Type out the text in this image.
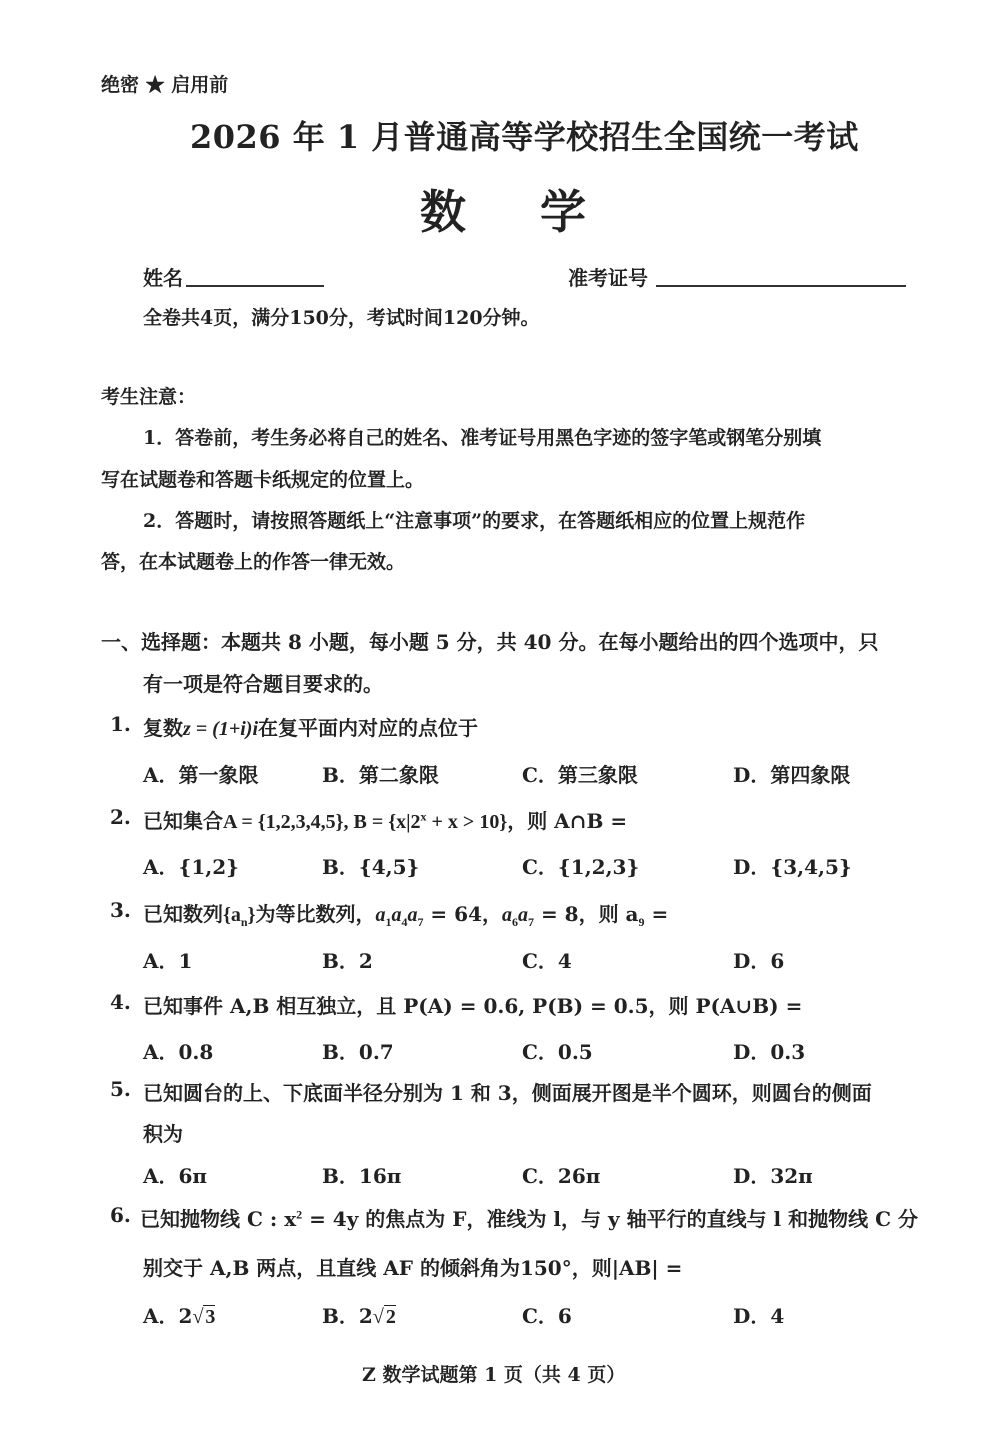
绝密 ★ 启用前
2026 年 1 月普通高等学校招生全国统一考试
数学
姓名	准考证号
全卷共4页，满分150分，考试时间120分钟。
考生注意：
1．答卷前，考生务必将自己的姓名、准考证号用黑色字迹的签字笔或钢笔分别填
写在试题卷和答题卡纸规定的位置上。
2．答题时，请按照答题纸上“注意事项”的要求，在答题纸相应的位置上规范作
答，在本试题卷上的作答一律无效。
一、选择题：本题共 8 小题，每小题 5 分，共 40 分。在每小题给出的四个选项中，只
有一项是符合题目要求的。
1. 复数z = (1+i)i在复平面内对应的点位于
A．第一象限	B．第二象限	C．第三象限	D．第四象限
2. 已知集合A = {1,2,3,4,5}, $B = \{x|2^x + x > 10\}$，则 A∩B =
A．{1,2}	B．{4,5}	C．{1,2,3}	D．{3,4,5}
3. 已知数列$\{a_n\}$为等比数列，$a_1a_4a_7 = 64$，$a_6a_7 = 8$，则 $a_9$ =
A．1	B．2	C．4	D．6
4. 已知事件 A,B 相互独立，且 P(A) = 0.6, P(B) = 0.5，则 P(A∪B) =
A．0.8	B．0.7	C．0.5	D．0.3
5. 已知圆台的上、下底面半径分别为 1 和 3，侧面展开图是半个圆环，则圆台的侧面
积为
A．6π	B．16π	C．26π	D．32π
6. 已知抛物线 C : $x^2 = 4y$ 的焦点为 F，准线为 l，与 y 轴平行的直线与 l 和抛物线 C 分
别交于 A,B 两点，且直线 AF 的倾斜角为150°，则|AB| =
A．2√ 3	B．2√ 2	C．6	D．4
Z 数学试题第 1 页（共 4 页）
